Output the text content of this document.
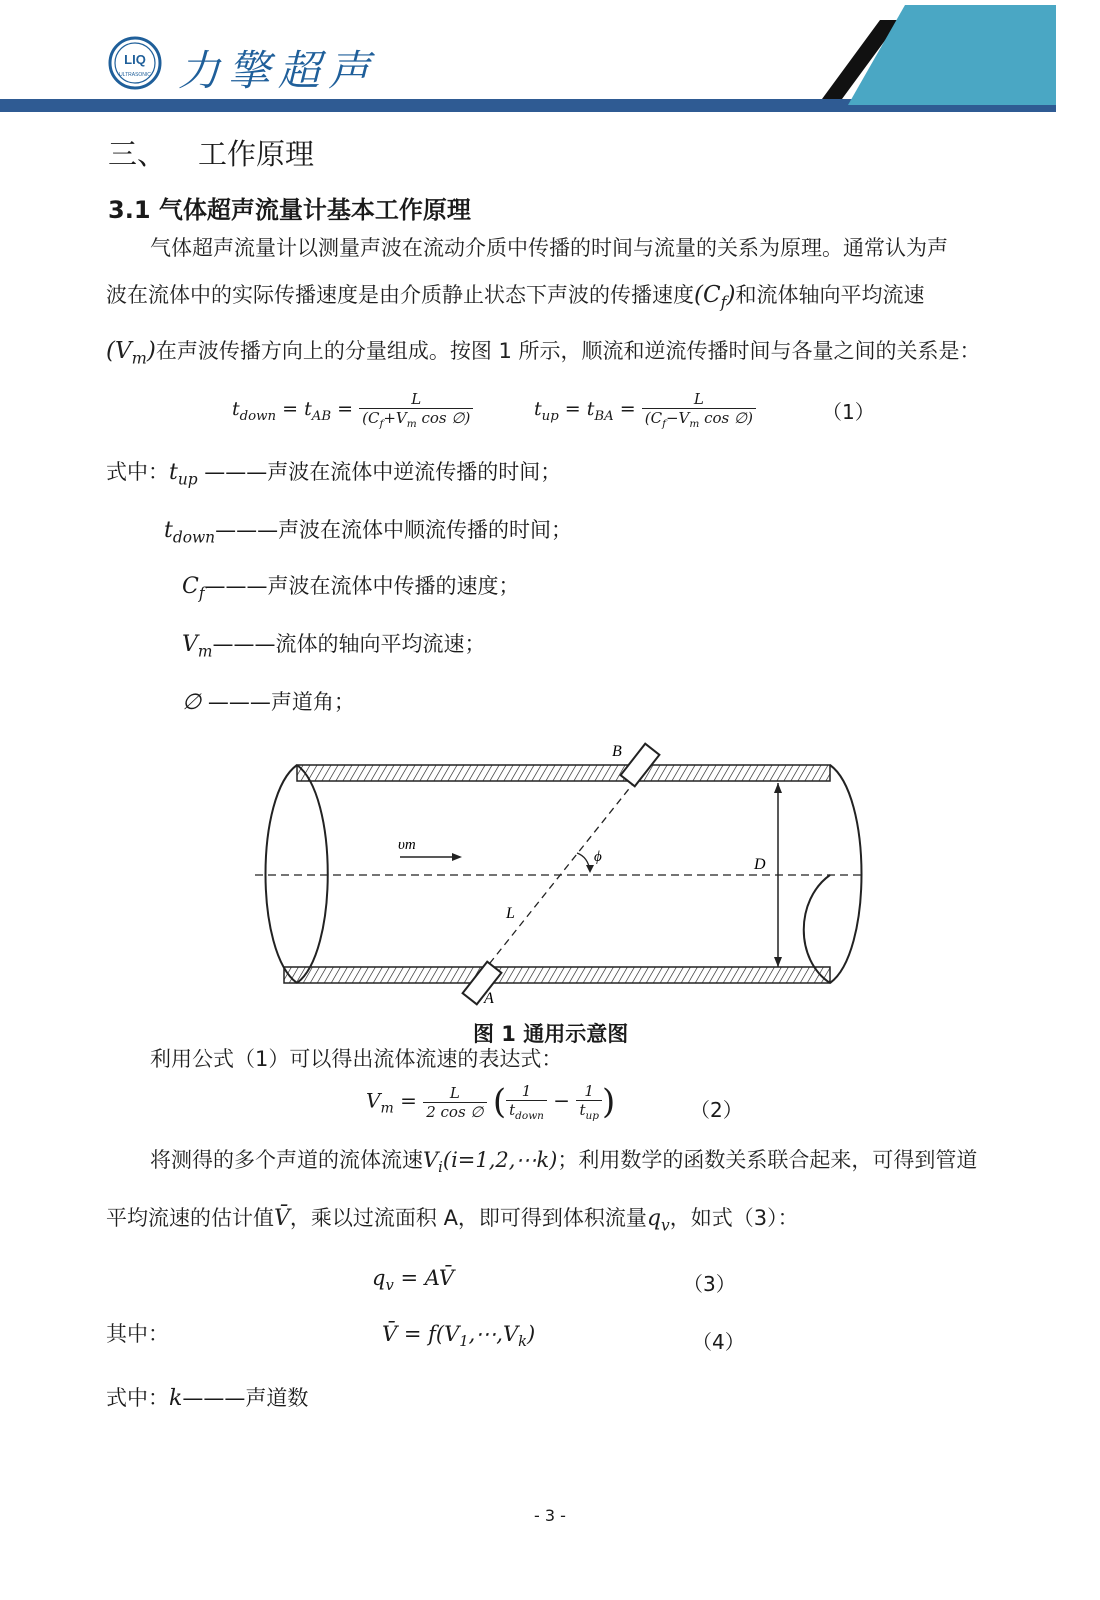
LIQ
ULTRASONIC 力擎超声
三、 工作原理
3.1 气体超声流量计基本工作原理
气体超声流量计以测量声波在流动介质中传播的时间与流量的关系为原理。通常认为声
波在流体中的实际传播速度是由介质静止状态下声波的传播速度$(C_f)$和流体轴向平均流速
$(V_m)$在声波传播方向上的分量组成。按图 1 所示，顺流和逆流传播时间与各量之间的关系是：
$t_{down} = t_{AB} = \frac{L}{(C_f+V_m \cos \emptyset)}$	$t_{up} = t_{BA} = \frac{L}{(C_f-V_m \cos \emptyset)}$	（1）
式中：$t_{up}$ ———声波在流体中逆流传播的时间；
$t_{down}———$声波在流体中顺流传播的时间；
$C_f———$声波在流体中传播的速度；
$V_m———$流体的轴向平均流速；
∅ ———声道角；
B
A
L
D
υm
ϕ
图 1 通用示意图
利用公式（1）可以得出流体流速的表达式：
$V_m = \frac{L}{2 \cos \emptyset}$ ( $\frac{1}{t_{down}} - \frac{1}{t_{up}}$ )	（2）
将测得的多个声道的流体流速$V_i(i=1,2,\cdots k)$；利用数学的函数关系联合起来，可得到管道
平均流速的估计值V̄，乘以过流面积 A，即可得到体积流量$q_v$，如式（3）：
$q_v$ = AV̄	（3）
其中：	V̄ = $f(V_1,\cdots,V_k)$	（4）
式中：k———声道数
- 3 -
